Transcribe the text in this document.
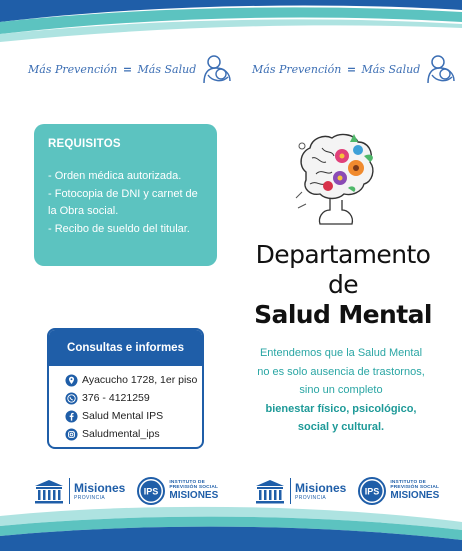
Más Prevención = Más Salud	Más Prevención = Más Salud
REQUISITOS
- Orden médica autorizada.
- Fotocopia de DNI y carnet de la Obra social.
- Recibo de sueldo del titular.
Departamento de
Salud Mental
Consultas e informes
Ayacucho 1728, 1er piso
376 - 4121259
Salud Mental IPS
Saludmental_ips
Entendemos que la Salud Mental
no es solo ausencia de trastornos,
sino un completo
bienestar físico, psicológico,
social y cultural.
Misiones
PROVINCIA
IPS
INSTITUTO DE
PREVISIÓN SOCIAL
MISIONES
Misiones
PROVINCIA
IPS
INSTITUTO DE
PREVISIÓN SOCIAL
MISIONES
